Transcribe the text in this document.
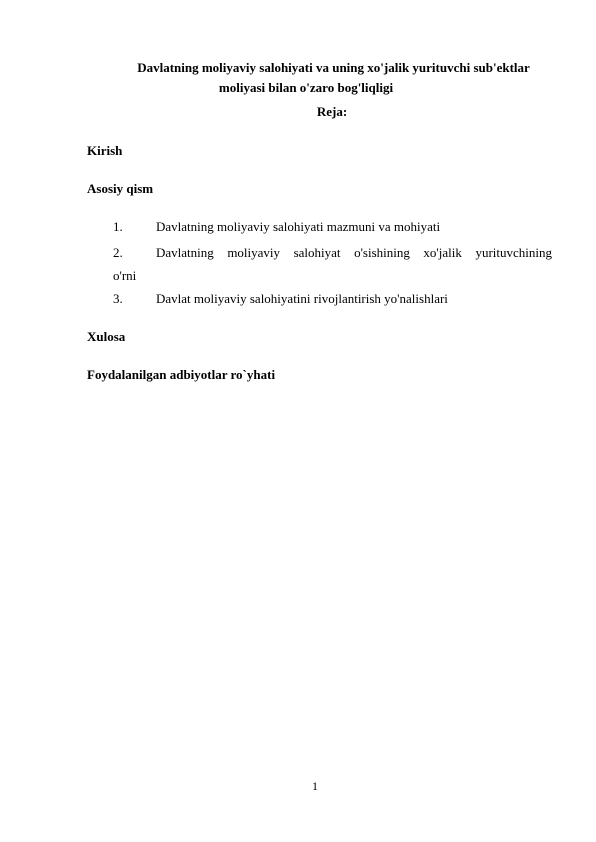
Davlatning moliyaviy salohiyati va uning xo'jalik yurituvchi sub'ektlar
moliyasi bilan o'zaro bog'liqligi
Reja:
Kirish
Asosiy qism
1.	Davlatning moliyaviy salohiyati mazmuni va mohiyati
2.	Davlatning moliyaviy salohiyat o'sishining xo'jalik yurituvchining
o'rni
3.	Davlat moliyaviy salohiyatini rivojlantirish yo'nalishlari
Xulosa
Foydalanilgan adbiyotlar ro`yhati
1
